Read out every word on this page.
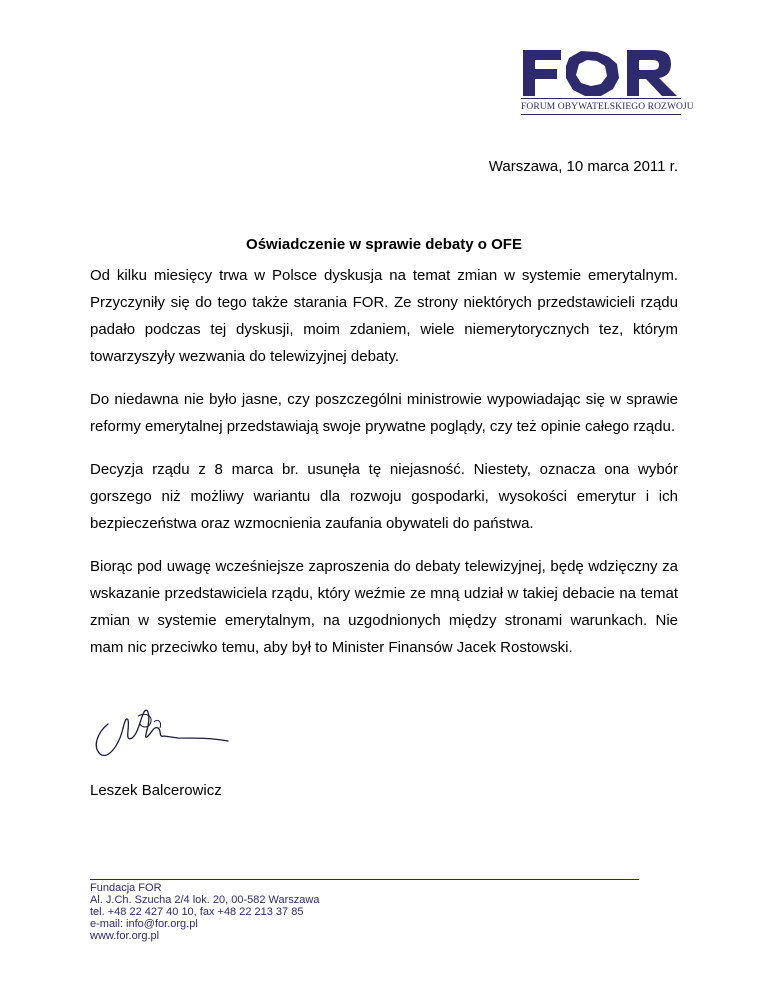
FORUM OBYWATELSKIEGO ROZWOJU
Warszawa, 10 marca 2011 r.
Oświadczenie w sprawie debaty o OFE

Od kilku miesięcy trwa w Polsce dyskusja na temat zmian w systemie emerytalnym. Przyczyniły się do tego także starania FOR. Ze strony niektórych przedstawicieli rządu padało podczas tej dyskusji, moim zdaniem, wiele niemerytorycznych tez, którym towarzyszyły wezwania do telewizyjnej debaty.

Do niedawna nie było jasne, czy poszczególni ministrowie wypowiadając się w sprawie reformy emerytalnej przedstawiają swoje prywatne poglądy, czy też opinie całego rządu.

Decyzja rządu z 8 marca br. usunęła tę niejasność. Niestety, oznacza ona wybór gorszego niż możliwy wariantu dla rozwoju gospodarki, wysokości emerytur i ich bezpieczeństwa oraz wzmocnienia zaufania obywateli do państwa.

Biorąc pod uwagę wcześniejsze zaproszenia do debaty telewizyjnej, będę wdzięczny za wskazanie przedstawiciela rządu, który weźmie ze mną udział w takiej debacie na temat zmian w systemie emerytalnym, na uzgodnionych między stronami warunkach. Nie mam nic przeciwko temu, aby był to Minister Finansów Jacek Rostowski.

Leszek Balcerowicz
Fundacja FOR
Al. J.Ch. Szucha 2/4 lok. 20, 00-582 Warszawa
tel. +48 22 427 40 10, fax +48 22 213 37 85
e-mail: info@for.org.pl
www.for.org.pl
